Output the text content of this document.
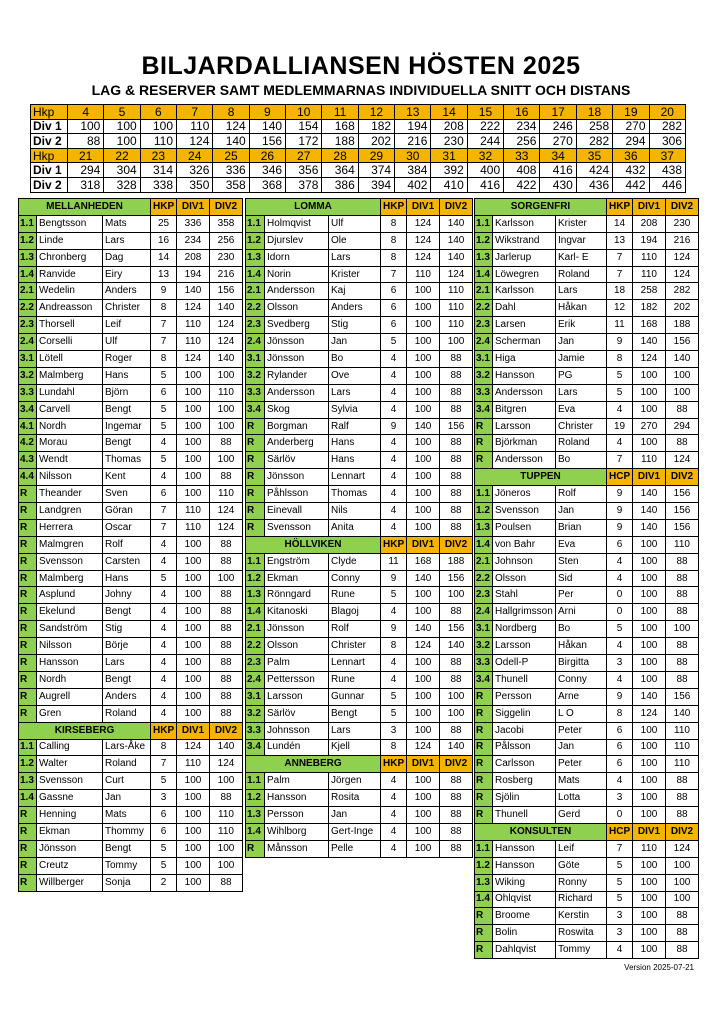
BILJARDALLIANSEN HÖSTEN 2025
LAG & RESERVER SAMT MEDLEMMARNAS INDIVIDUELLA SNITT OCH DISTANS
Hkp	4	5	6	7	8	9	10	11	12	13	14	15	16	17	18	19	20
Div 1	100	100	100	110	124	140	154	168	182	194	208	222	234	246	258	270	282
Div 2	88	100	110	124	140	156	172	188	202	216	230	244	256	270	282	294	306
Hkp	21	22	23	24	25	26	27	28	29	30	31	32	33	34	35	36	37
Div 1	294	304	314	326	336	346	356	364	374	384	392	400	408	416	424	432	438
Div 2	318	328	338	350	358	368	378	386	394	402	410	416	422	430	436	442	446
MELLANHEDEN			HKP	DIV1	DIV2
1.1	Bengtsson	Mats	25	336	358
1.2	Linde	Lars	16	234	256
1.3	Chronberg	Dag	14	208	230
1.4	Ranvide	Eiry	13	194	216
2.1	Wedelin	Anders	9	140	156
2.2	Andreasson	Christer	8	124	140
2.3	Thorsell	Leif	7	110	124
2.4	Corselli	Ulf	7	110	124
3.1	Lötell	Roger	8	124	140
3.2	Malmberg	Hans	5	100	100
3.3	Lundahl	Björn	6	100	110
3.4	Carvell	Bengt	5	100	100
4.1	Nordh	Ingemar	5	100	100
4.2	Morau	Bengt	4	100	88
4.3	Wendt	Thomas	5	100	100
4.4	Nilsson	Kent	4	100	88
R	Theander	Sven	6	100	110
R	Landgren	Göran	7	110	124
R	Herrera	Oscar	7	110	124
R	Malmgren	Rolf	4	100	88
R	Svensson	Carsten	4	100	88
R	Malmberg	Hans	5	100	100
R	Asplund	Johny	4	100	88
R	Ekelund	Bengt	4	100	88
R	Sandström	Stig	4	100	88
R	Nilsson	Börje	4	100	88
R	Hansson	Lars	4	100	88
R	Nordh	Bengt	4	100	88
R	Augrell	Anders	4	100	88
R	Gren	Roland	4	100	88
KIRSEBERG			HKP	DIV1	DIV2
1.1	Calling	Lars-Åke	8	124	140
1.2	Walter	Roland	7	110	124
1.3	Svensson	Curt	5	100	100
1.4	Gassne	Jan	3	100	88
R	Henning	Mats	6	100	110
R	Ekman	Thommy	6	100	110
R	Jönsson	Bengt	5	100	100
R	Creutz	Tommy	5	100	100
R	Willberger	Sonja	2	100	88
LOMMA			HKP	DIV1	DIV2
1.1	Holmqvist	Ulf	8	124	140
1.2	Djurslev	Ole	8	124	140
1.3	Idorn	Lars	8	124	140
1.4	Norin	Krister	7	110	124
2.1	Andersson	Kaj	6	100	110
2.2	Olsson	Anders	6	100	110
2.3	Svedberg	Stig	6	100	110
2.4	Jönsson	Jan	5	100	100
3.1	Jönsson	Bo	4	100	88
3.2	Rylander	Ove	4	100	88
3.3	Andersson	Lars	4	100	88
3.4	Skog	Sylvia	4	100	88
R	Borgman	Ralf	9	140	156
R	Anderberg	Hans	4	100	88
R	Särlöv	Hans	4	100	88
R	Jönsson	Lennart	4	100	88
R	Påhlsson	Thomas	4	100	88
R	Einevall	Nils	4	100	88
R	Svensson	Anita	4	100	88
HÖLLVIKEN			HKP	DIV1	DIV2
1.1	Engström	Clyde	11	168	188
1.2	Ekman	Conny	9	140	156
1.3	Rönngard	Rune	5	100	100
1.4	Kitanoski	Blagoj	4	100	88
2.1	Jönsson	Rolf	9	140	156
2.2	Olsson	Christer	8	124	140
2.3	Palm	Lennart	4	100	88
2.4	Pettersson	Rune	4	100	88
3.1	Larsson	Gunnar	5	100	100
3.2	Särlöv	Bengt	5	100	100
3.3	Johnsson	Lars	3	100	88
3.4	Lundén	Kjell	8	124	140
ANNEBERG			HKP	DIV1	DIV2
1.1	Palm	Jörgen	4	100	88
1.2	Hansson	Rosita	4	100	88
1.3	Persson	Jan	4	100	88
1.4	Wihlborg	Gert-Inge	4	100	88
R	Månsson	Pelle	4	100	88
SORGENFRI			HKP	DIV1	DIV2
1.1	Karlsson	Krister	14	208	230
1.2	Wikstrand	Ingvar	13	194	216
1.3	Jarlerup	Karl- E	7	110	124
1.4	Löwegren	Roland	7	110	124
2.1	Karlsson	Lars	18	258	282
2.2	Dahl	Håkan	12	182	202
2.3	Larsen	Erik	11	168	188
2.4	Scherman	Jan	9	140	156
3.1	Higa	Jamie	8	124	140
3.2	Hansson	PG	5	100	100
3.3	Andersson	Lars	5	100	100
3.4	Bitgren	Eva	4	100	88
R	Larsson	Christer	19	270	294
R	Björkman	Roland	4	100	88
R	Andersson	Bo	7	110	124
TUPPEN			HCP	DIV1	DIV2
1.1	Jöneros	Rolf	9	140	156
1.2	Svensson	Jan	9	140	156
1.3	Poulsen	Brian	9	140	156
1.4	von Bahr	Eva	6	100	110
2.1	Johnson	Sten	4	100	88
2.2	Olsson	Sid	4	100	88
2.3	Stahl	Per	0	100	88
2.4	Hallgrimsson	Arni	0	100	88
3.1	Nordberg	Bo	5	100	100
3.2	Larsson	Håkan	4	100	88
3.3	Odell-P	Birgitta	3	100	88
3.4	Thunell	Conny	4	100	88
R	Persson	Arne	9	140	156
R	Siggelin	L O	8	124	140
R	Jacobi	Peter	6	100	110
R	Pålsson	Jan	6	100	110
R	Carlsson	Peter	6	100	110
R	Rosberg	Mats	4	100	88
R	Sjölin	Lotta	3	100	88
R	Thunell	Gerd	0	100	88
KONSULTEN			HCP	DIV1	DIV2
1.1	Hansson	Leif	7	110	124
1.2	Hansson	Göte	5	100	100
1.3	Wiking	Ronny	5	100	100
1.4	Ohlqvist	Richard	5	100	100
R	Broome	Kerstin	3	100	88
R	Bolin	Roswita	3	100	88
R	Dahlqvist	Tommy	4	100	88
Version 2025-07-21
